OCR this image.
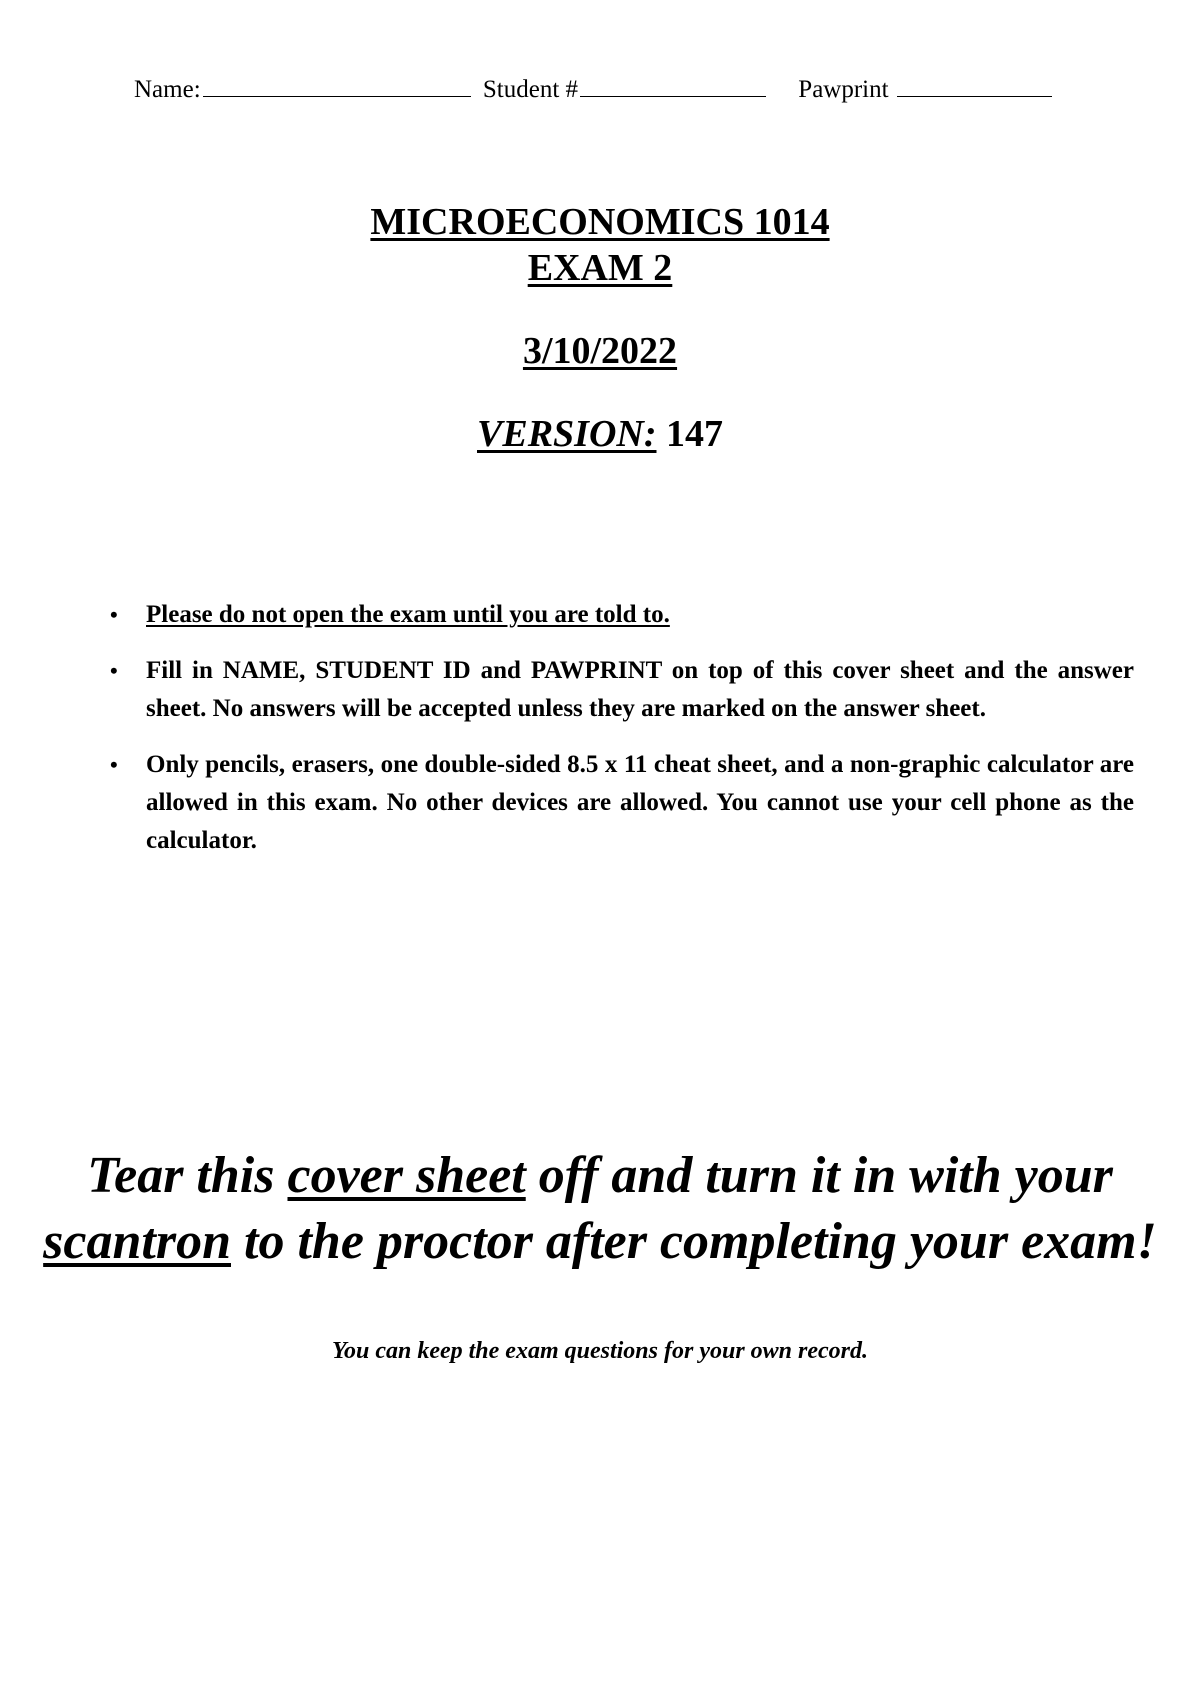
Name:	Student #	Pawprint
MICROECONOMICS 1014
EXAM 2
3/10/2022
VERSION: 147
• Please do not open the exam until you are told to.
• Fill in NAME, STUDENT ID and PAWPRINT on top of this cover sheet and the answer sheet. No answers will be accepted unless they are marked on the answer sheet.
• Only pencils, erasers, one double-sided 8.5 x 11 cheat sheet, and a non-graphic calculator are allowed in this exam. No other devices are allowed. You cannot use your cell phone as the calculator.
Tear this cover sheet off and turn it in with your scantron to the proctor after completing your exam!
You can keep the exam questions for your own record.
